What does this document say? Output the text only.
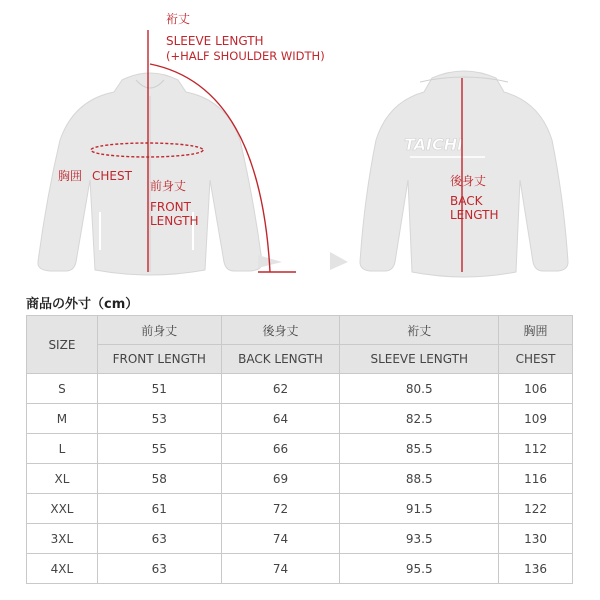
TAICHI
裄丈
SLEEVE LENGTH
(+HALF SHOULDER WIDTH)
胸囲 CHEST
前身丈
FRONT
LENGTH
後身丈
BACK
LENGTH
商品の外寸（cm）
SIZE	前身丈	後身丈	裄丈	胸囲
	FRONT LENGTH	BACK LENGTH	SLEEVE LENGTH	CHEST
S	51	62	80.5	106
M	53	64	82.5	109
L	55	66	85.5	112
XL	58	69	88.5	116
XXL	61	72	91.5	122
3XL	63	74	93.5	130
4XL	63	74	95.5	136
